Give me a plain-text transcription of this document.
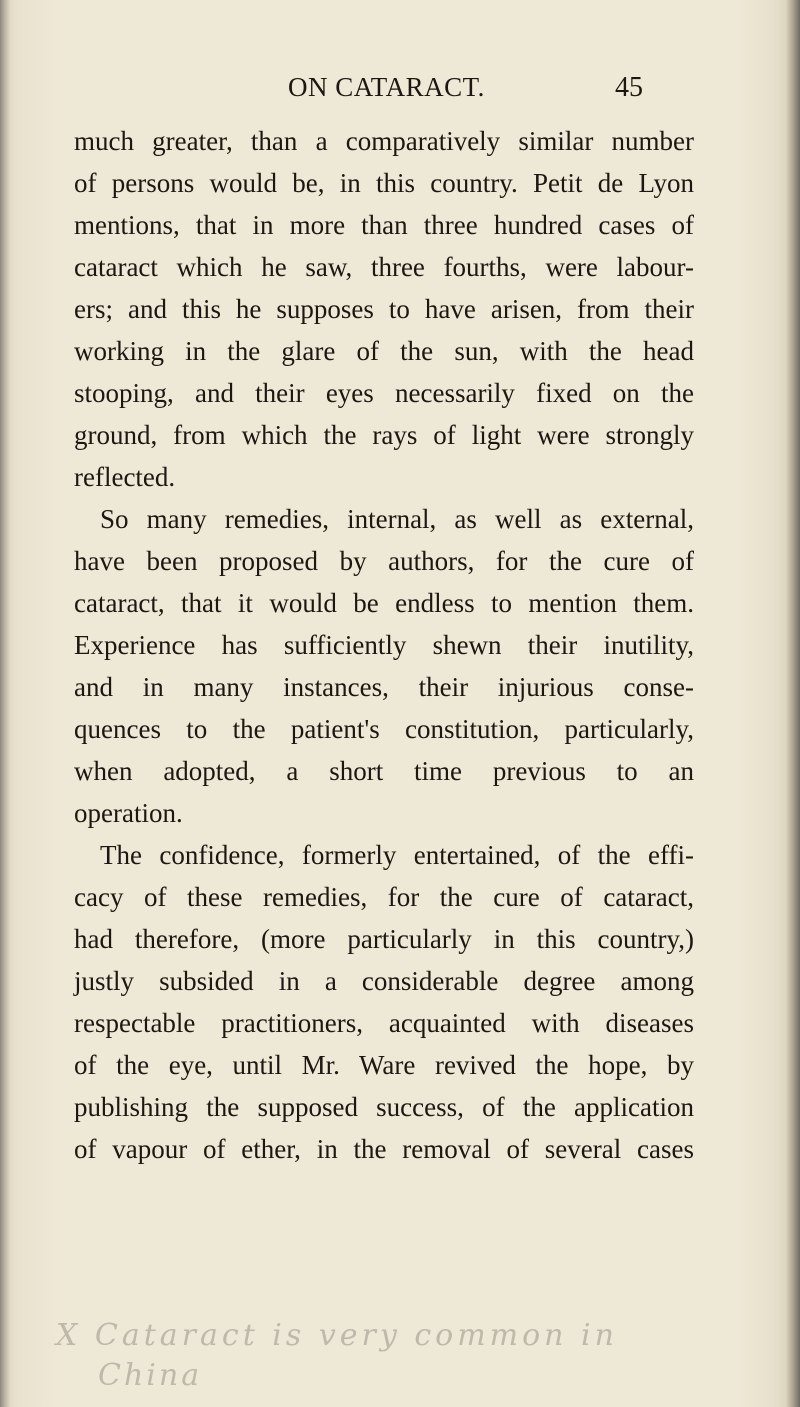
ON CATARACT.	45
much greater, than a comparatively similar number
of persons would be, in this country. Petit de Lyon
mentions, that in more than three hundred cases of
cataract which he saw, three fourths, were labour-
ers; and this he supposes to have arisen, from their
working in the glare of the sun, with the head
stooping, and their eyes necessarily fixed on the
ground, from which the rays of light were strongly
reflected.
So many remedies, internal, as well as external,
have been proposed by authors, for the cure of
cataract, that it would be endless to mention them.
Experience has sufficiently shewn their inutility,
and in many instances, their injurious conse-
quences to the patient's constitution, particularly,
when adopted, a short time previous to an
operation.
The confidence, formerly entertained, of the effi-
cacy of these remedies, for the cure of cataract,
had therefore, (more particularly in this country,)
justly subsided in a considerable degree among
respectable practitioners, acquainted with diseases
of the eye, until Mr. Ware revived the hope, by
publishing the supposed success, of the application
of vapour of ether, in the removal of several cases
X Cataract is very common in
China
